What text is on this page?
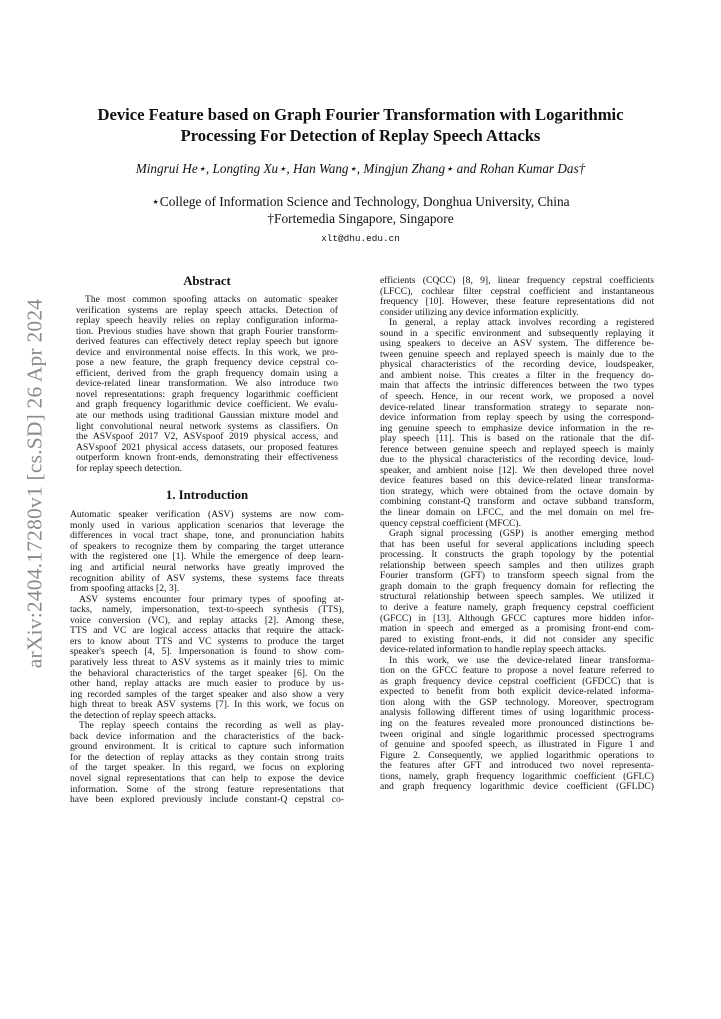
arXiv:2404.17280v1 [cs.SD] 26 Apr 2024
Device Feature based on Graph Fourier Transformation with Logarithmic
Processing For Detection of Replay Speech Attacks
Mingrui He⋆, Longting Xu⋆, Han Wang⋆, Mingjun Zhang⋆ and Rohan Kumar Das†
⋆College of Information Science and Technology, Donghua University, China
†Fortemedia Singapore, Singapore
xlt@dhu.edu.cn
Abstract
The most common spoofing attacks on automatic speaker
verification systems are replay speech attacks. Detection of
replay speech heavily relies on replay configuration informa-
tion. Previous studies have shown that graph Fourier transform-
derived features can effectively detect replay speech but ignore
device and environmental noise effects. In this work, we pro-
pose a new feature, the graph frequency device cepstral co-
efficient, derived from the graph frequency domain using a
device-related linear transformation. We also introduce two
novel representations: graph frequency logarithmic coefficient
and graph frequency logarithmic device coefficient. We evalu-
ate our methods using traditional Gaussian mixture model and
light convolutional neural network systems as classifiers. On
the ASVspoof 2017 V2, ASVspoof 2019 physical access, and
ASVspoof 2021 physical access datasets, our proposed features
outperform known front-ends, demonstrating their effectiveness
for replay speech detection.
1. Introduction
Automatic speaker verification (ASV) systems are now com-
monly used in various application scenarios that leverage the
differences in vocal tract shape, tone, and pronunciation habits
of speakers to recognize them by comparing the target utterance
with the registered one [1]. While the emergence of deep learn-
ing and artificial neural networks have greatly improved the
recognition ability of ASV systems, these systems face threats
from spoofing attacks [2, 3].
ASV systems encounter four primary types of spoofing at-
tacks, namely, impersonation, text-to-speech synthesis (TTS),
voice conversion (VC), and replay attacks [2]. Among these,
TTS and VC are logical access attacks that require the attack-
ers to know about TTS and VC systems to produce the target
speaker's speech [4, 5]. Impersonation is found to show com-
paratively less threat to ASV systems as it mainly tries to mimic
the behavioral characteristics of the target speaker [6]. On the
other hand, replay attacks are much easier to produce by us-
ing recorded samples of the target speaker and also show a very
high threat to break ASV systems [7]. In this work, we focus on
the detection of replay speech attacks.
The replay speech contains the recording as well as play-
back device information and the characteristics of the back-
ground environment. It is critical to capture such information
for the detection of replay attacks as they contain strong traits
of the target speaker. In this regard, we focus on exploring
novel signal representations that can help to expose the device
information. Some of the strong feature representations that
have been explored previously include constant-Q cepstral co-
efficients (CQCC) [8, 9], linear frequency cepstral coefficients
(LFCC), cochlear filter cepstral coefficient and instantaneous
frequency [10]. However, these feature representations did not
consider utilizing any device information explicitly.
In general, a replay attack involves recording a registered
sound in a specific environment and subsequently replaying it
using speakers to deceive an ASV system. The difference be-
tween genuine speech and replayed speech is mainly due to the
physical characteristics of the recording device, loudspeaker,
and ambient noise. This creates a filter in the frequency do-
main that affects the intrinsic differences between the two types
of speech. Hence, in our recent work, we proposed a novel
device-related linear transformation strategy to separate non-
device information from replay speech by using the correspond-
ing genuine speech to emphasize device information in the re-
play speech [11]. This is based on the rationale that the dif-
ference between genuine speech and replayed speech is mainly
due to the physical characteristics of the recording device, loud-
speaker, and ambient noise [12]. We then developed three novel
device features based on this device-related linear transforma-
tion strategy, which were obtained from the octave domain by
combining constant-Q transform and octave subband transform,
the linear domain on LFCC, and the mel domain on mel fre-
quency cepstral coefficient (MFCC).
Graph signal processing (GSP) is another emerging method
that has been useful for several applications including speech
processing. It constructs the graph topology by the potential
relationship between speech samples and then utilizes graph
Fourier transform (GFT) to transform speech signal from the
graph domain to the graph frequency domain for reflecting the
structural relationship between speech samples. We utilized it
to derive a feature namely, graph frequency cepstral coefficient
(GFCC) in [13]. Although GFCC captures more hidden infor-
mation in speech and emerged as a promising front-end com-
pared to existing front-ends, it did not consider any specific
device-related information to handle replay speech attacks.
In this work, we use the device-related linear transforma-
tion on the GFCC feature to propose a novel feature referred to
as graph frequency device cepstral coefficient (GFDCC) that is
expected to benefit from both explicit device-related informa-
tion along with the GSP technology. Moreover, spectrogram
analysis following different times of using logarithmic process-
ing on the features revealed more pronounced distinctions be-
tween original and single logarithmic processed spectrograms
of genuine and spoofed speech, as illustrated in Figure 1 and
Figure 2. Consequently, we applied logarithmic operations to
the features after GFT and introduced two novel representa-
tions, namely, graph frequency logarithmic coefficient (GFLC)
and graph frequency logarithmic device coefficient (GFLDC)
